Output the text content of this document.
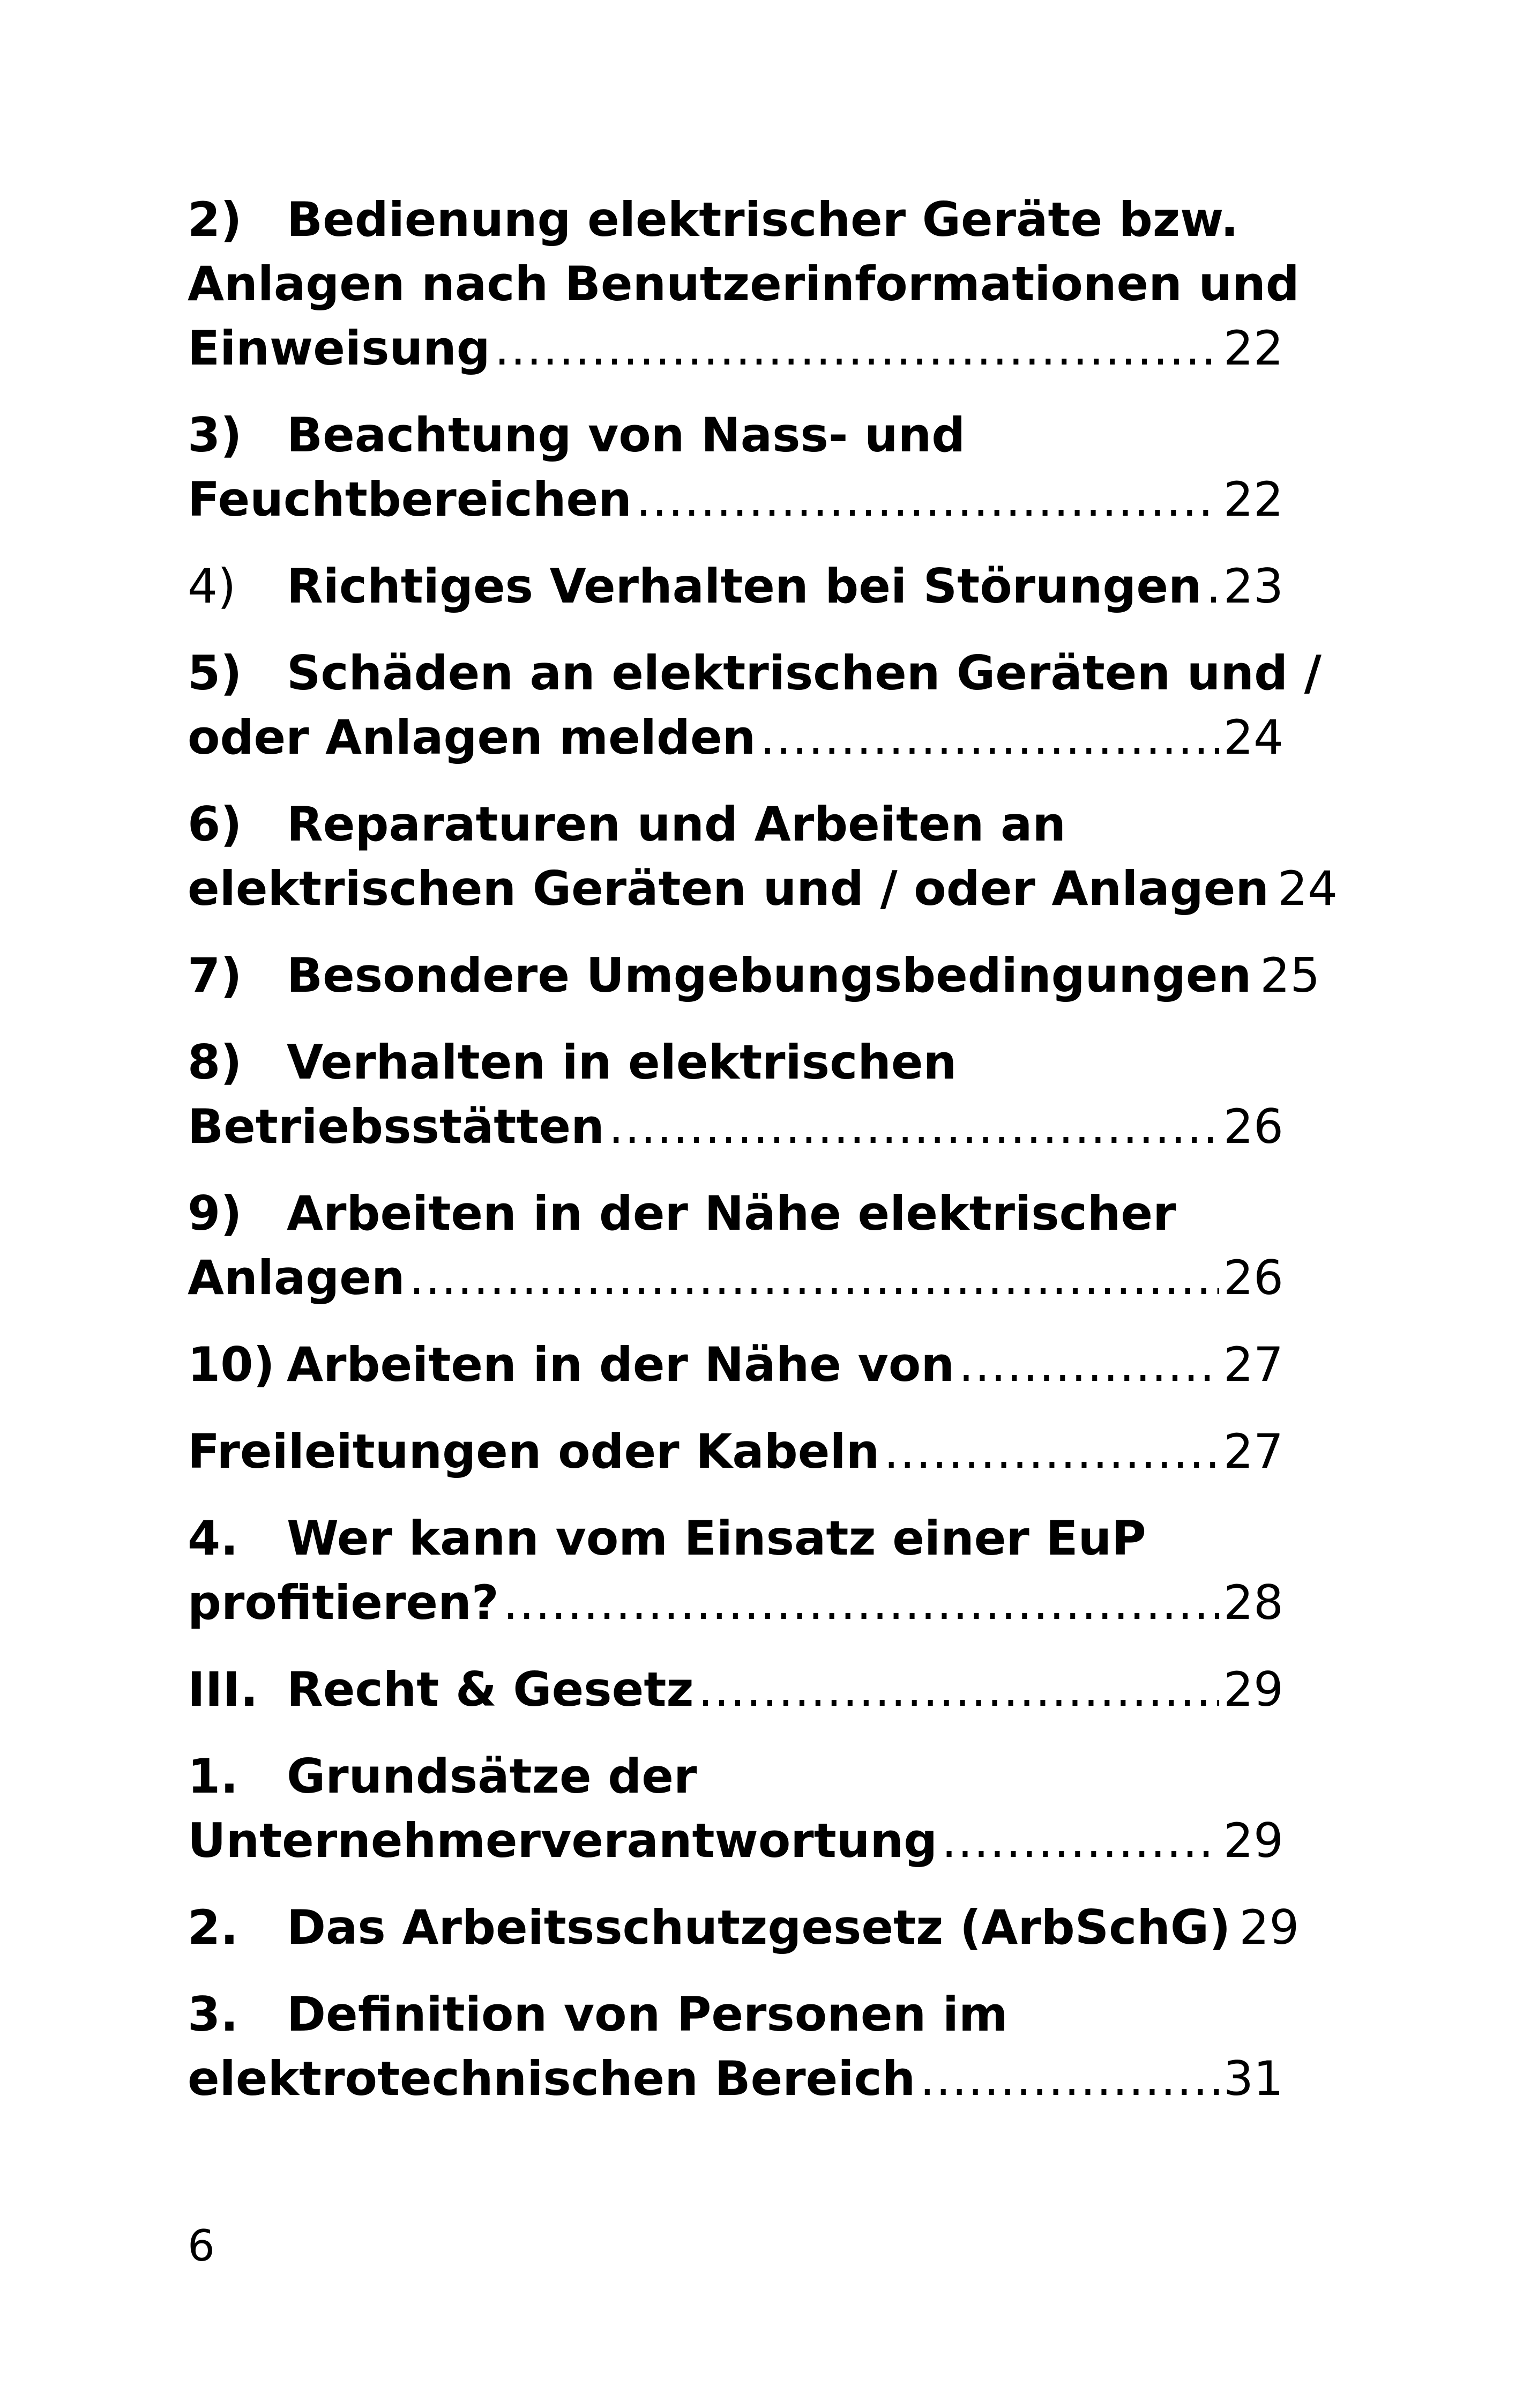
2) Bedienung elektrischer Geräte bzw.
Anlagen nach Benutzerinformationen und
Einweisung .....	22
3) Beachtung von Nass- und
Feuchtbereichen .....	22
4) Richtiges Verhalten bei Störungen ..... 23
5) Schäden an elektrischen Geräten und /
oder Anlagen melden .....	24
6) Reparaturen und Arbeiten an
elektrischen Geräten und / oder Anlagen 24
7) Besondere Umgebungsbedingungen 25
8) Verhalten in elektrischen
Betriebsstätten .....	26
9) Arbeiten in der Nähe elektrischer
Anlagen .....	26
10) Arbeiten in der Nähe von .....	27
Freileitungen oder Kabeln .....	27
4. Wer kann vom Einsatz einer EuP
profitieren? .....	28
III. Recht & Gesetz .....	29
1. Grundsätze der
Unternehmerverantwortung .....	29
2. Das Arbeitsschutzgesetz (ArbSchG) 29
3. Definition von Personen im
elektrotechnischen Bereich .....	31
6
